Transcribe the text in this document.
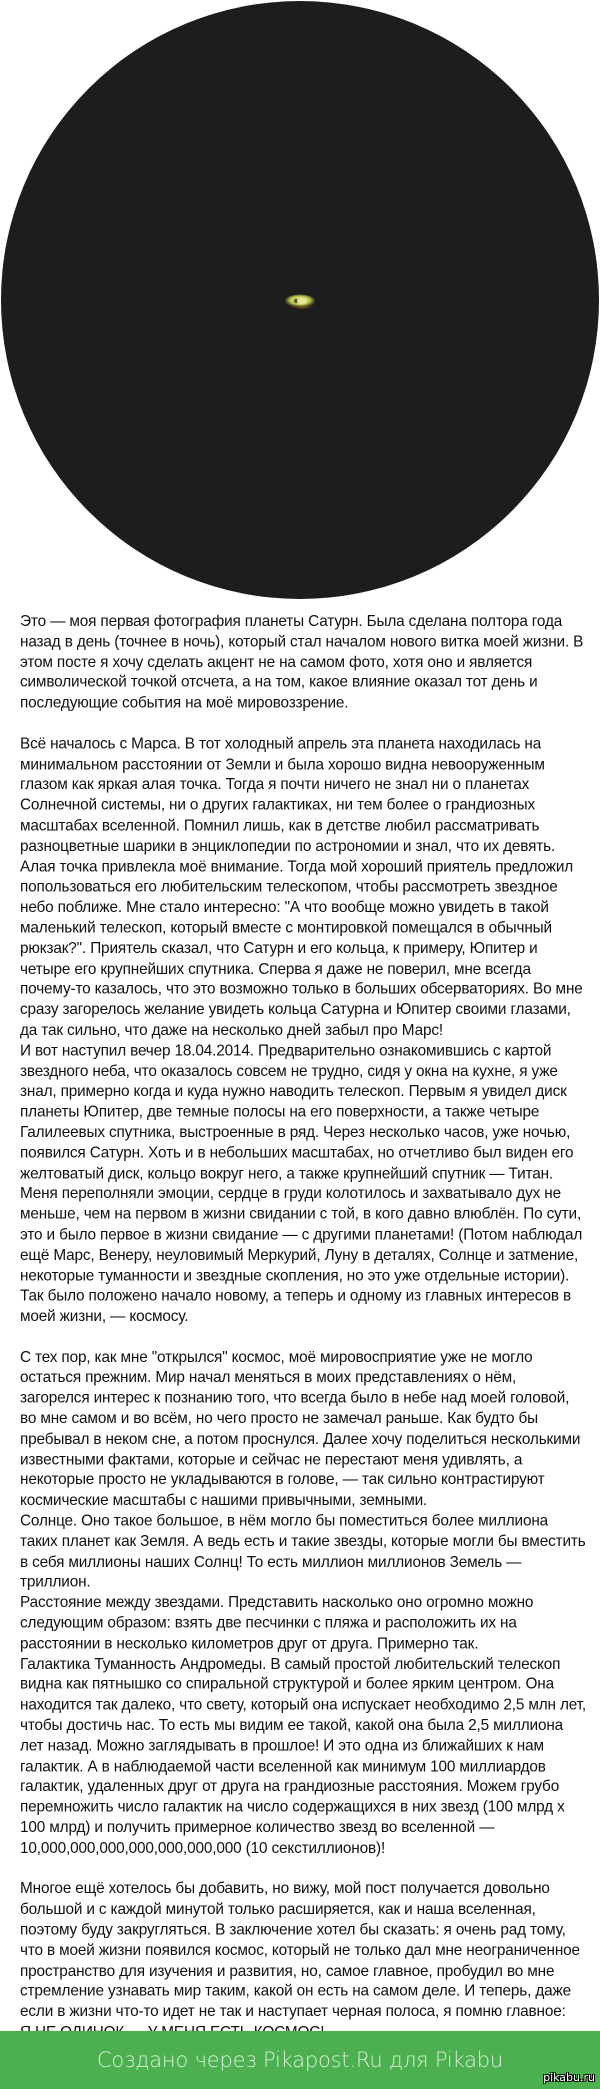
Это — моя первая фотография планеты Сатурн. Была сделана полтора года назад в день (точнее в ночь), который стал началом нового витка моей жизни. В этом посте я хочу сделать акцент не на самом фото, хотя оно и является символической точкой отсчета, а на том, какое влияние оказал тот день и последующие события на моё мировоззрение.

Всё началось с Марса. В тот холодный апрель эта планета находилась на минимальном расстоянии от Земли и была хорошо видна невооруженным глазом как яркая алая точка. Тогда я почти ничего не знал ни о планетах Солнечной системы, ни о других галактиках, ни тем более о грандиозных масштабах вселенной. Помнил лишь, как в детстве любил рассматривать разноцветные шарики в энциклопедии по астрономии и знал, что их девять.

Алая точка привлекла моё внимание. Тогда мой хороший приятель предложил попользоваться его любительским телескопом, чтобы рассмотреть звездное небо поближе. Мне стало интересно: "А что вообще можно увидеть в такой маленький телескоп, который вместе с монтировкой помещался в обычный рюкзак?". Приятель сказал, что Сатурн и его кольца, к примеру, Юпитер и четыре его крупнейших спутника. Сперва я даже не поверил, мне всегда почему-то казалось, что это возможно только в больших обсерваториях. Во мне сразу загорелось желание увидеть кольца Сатурна и Юпитер своими глазами, да так сильно, что даже на несколько дней забыл про Марс!

И вот наступил вечер 18.04.2014. Предварительно ознакомившись с картой звездного неба, что оказалось совсем не трудно, сидя у окна на кухне, я уже знал, примерно когда и куда нужно наводить телескоп. Первым я увидел диск планеты Юпитер, две темные полосы на его поверхности, а также четыре Галилеевых спутника, выстроенные в ряд. Через несколько часов, уже ночью, появился Сатурн. Хоть и в небольших масштабах, но отчетливо был виден его желтоватый диск, кольцо вокруг него, а также крупнейший спутник — Титан. Меня переполняли эмоции, сердце в груди колотилось и захватывало дух не меньше, чем на первом в жизни свидании с той, в кого давно влюблён. По сути, это и было первое в жизни свидание — с другими планетами! (Потом наблюдал ещё Марс, Венеру, неуловимый Меркурий, Луну в деталях, Солнце и затмение, некоторые туманности и звездные скопления, но это уже отдельные истории). Так было положено начало новому, а теперь и одному из главных интересов в моей жизни, — космосу.

С тех пор, как мне "открылся" космос, моё мировосприятие уже не могло остаться прежним. Мир начал меняться в моих представлениях о нём, загорелся интерес к познанию того, что всегда было в небе над моей головой, во мне самом и во всём, но чего просто не замечал раньше. Как будто бы пребывал в неком сне, а потом проснулся. Далее хочу поделиться несколькими известными фактами, которые и сейчас не перестают меня удивлять, а некоторые просто не укладываются в голове, — так сильно контрастируют космические масштабы с нашими привычными, земными.

Солнце. Оно такое большое, в нём могло бы поместиться более миллиона таких планет как Земля. А ведь есть и такие звезды, которые могли бы вместить в себя миллионы наших Солнц! То есть миллион миллионов Земель — триллион.

Расстояние между звездами. Представить насколько оно огромно можно следующим образом: взять две песчинки с пляжа и расположить их на расстоянии в несколько километров друг от друга. Примерно так.

Галактика Туманность Андромеды. В самый простой любительский телескоп видна как пятнышко со спиральной структурой и более ярким центром. Она находится так далеко, что свету, который она испускает необходимо 2,5 млн лет, чтобы достичь нас. То есть мы видим ее такой, какой она была 2,5 миллиона лет назад. Можно заглядывать в прошлое! И это одна из ближайших к нам галактик. А в наблюдаемой части вселенной как минимум 100 миллиардов галактик, удаленных друг от друга на грандиозные расстояния. Можем грубо перемножить число галактик на число содержащихся в них звезд (100 млрд х 100 млрд) и получить примерное количество звезд во вселенной — 10,000,000,000,000,000,000,000 (10 секстиллионов)!

Многое ещё хотелось бы добавить, но вижу, мой пост получается довольно большой и с каждой минутой только расширяется, как и наша вселенная, поэтому буду закругляться. В заключение хотел бы сказать: я очень рад тому, что в моей жизни появился космос, который не только дал мне неограниченное пространство для изучения и развития, но, самое главное, пробудил во мне стремление узнавать мир таким, какой он есть на самом деле. И теперь, даже если в жизни что-то идет не так и наступает черная полоса, я помню главное:

Создано через Pikapost.Ru для Pikabu
pikabu.ru
